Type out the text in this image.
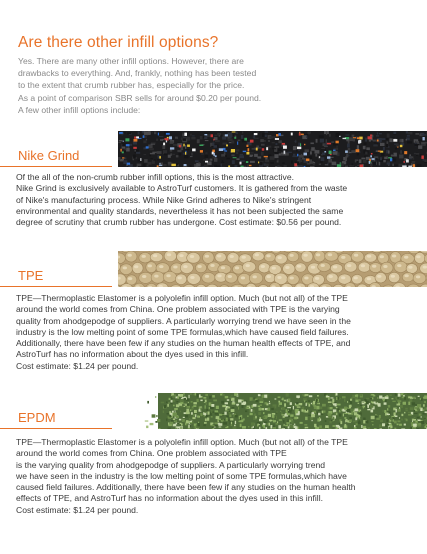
Are there other infill options?

Yes. There are many other infill options. However, there are
drawbacks to everything. And, frankly, nothing has been tested
to the extent that crumb rubber has, especially for the price.
As a point of comparison SBR sells for around $0.20 per pound.
A few other infill options include:

Nike Grind

Of the all of the non-crumb rubber infill options, this is the most attractive.
Nike Grind is exclusively available to AstroTurf customers. It is gathered from the waste
of Nike's manufacturing process. While Nike Grind adheres to Nike's stringent
environmental and quality standards, nevertheless it has not been subjected the same
degree of scrutiny that crumb rubber has undergone. Cost estimate: $0.56 per pound.

TPE

TPE—Thermoplastic Elastomer is a polyolefin infill option. Much (but not all) of the TPE
around the world comes from China. One problem associated with TPE is the varying
quality from ahodgepodge of suppliers. A particularly worrying trend we have seen in the
industry is the low melting point of some TPE formulas,which have caused field failures.
Additionally, there have been few if any studies on the human health effects of TPE, and
AstroTurf has no information about the dyes used in this infill.
Cost estimate: $1.24 per pound.

EPDM

TPE—Thermoplastic Elastomer is a polyolefin infill option. Much (but not all) of the TPE
around the world comes from China. One problem associated with TPE
is the varying quality from ahodgepodge of suppliers. A particularly worrying trend
we have seen in the industry is the low melting point of some TPE formulas,which have
caused field failures. Additionally, there have been few if any studies on the human health
effects of TPE, and AstroTurf has no information about the dyes used in this infill.
Cost estimate: $1.24 per pound.
